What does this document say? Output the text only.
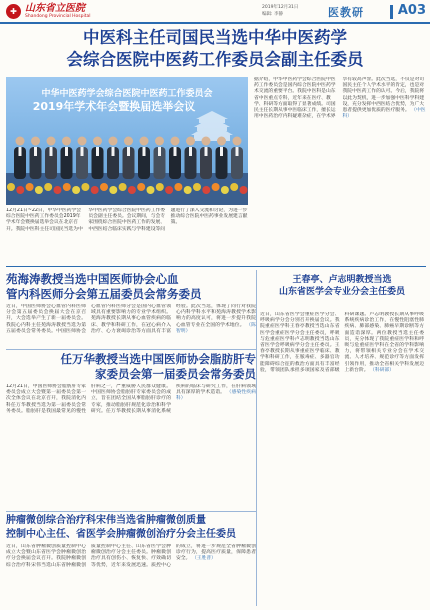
✚ 山东省立医院
Shandong Provincial Hospital
2019年12月31日
编辑: 李静	医教研	A03
中医科主任司国民当选中华中医药学
会综合医院中医药工作委员会副主任委员
中华中医药学会综合医院中医药工作委员会
2019年学术年会暨换届选举会议
12月21日~22日，中华中医药学会综合医院中医药工作委员会2019年学术年会暨换届选举会议在北京召开。我院中医科主任司国民当选为中华中医药学会综合医院中医药工作委员会副主任委员。会议期间，与会专家围绕综合医院中医药工作的发展、中西医结合临床实践与学科建设等问题进行了深入交流和讨论，为进一步推动综合医院中医药事业发展建言献策。
据介绍，中华中医药学会综合医院中医药工作委员会是国内综合医院中医药学术交流的重要平台。我院中医科是山东省中医重点专科，近年来在医疗、教学、科研等方面取得了显著成绩。司国民主任长期从事中医临床工作，擅长运用中医药治疗内科疑难杂症，在学术界享有较高声誉。此次当选，不仅是对司国民主任个人学术水平的肯定，也是对我院中医药工作的认可。今后，我院将以此为契机，进一步加强中医科学科建设，充分发挥中西医结合优势，为广大患者提供更加优质的医疗服务。 （中医科）
苑海涛教授当选中国医师协会心血
管内科医师分会第五届委员会常务委员
近日，中国医师协会心血管内科医师分会第五届委员会换届大会在京召开，大会选举产生了新一届委员会。我院心内科主任苑海涛教授当选为第五届委员会常务委员。中国医师协会心血管内科医师分会是国内心血管领域具有重要影响力的专业学术组织。苑海涛教授长期从事心血管疾病的临床、教学和科研工作，在冠心病介入治疗、心力衰竭诊治等方面具有丰富经验。此次当选，体现了同行对我院心内科学科水平和苑海涛教授学术影响力的高度认可，将进一步提升我院心血管专业在全国的学术地位。 （陈智明）
任万华教授当选中国医师协会脂肪肝专
家委员会第一届委员会常务委员
12月21日，中国医师协会脂肪肝专家委员会成立大会暨第一届委员会第一次全体会议在北京召开，我院消化内科任万华教授当选为第一届委员会常务委员。脂肪肝是我国最常见的慢性肝病之一，严重威胁人民群众健康。中国医师协会脂肪肝专家委员会的成立，旨在团结全国从事脂肪肝诊疗的专家，推动脂肪肝规范化诊治和科学研究。任万华教授长期从事消化系统疾病的临床与研究工作，在肝病领域具有深厚的学术造诣。 （感染性疾病科）
肿瘤微创综合治疗科宋伟当选省肿瘤微创质量
控制中心主任、省医学会肿瘤微创治疗分会主任委员
近日，山东省肿瘤微创质量控制中心成立大会暨山东省医学会肿瘤微创治疗分会换届会议召开。我院肿瘤微创综合治疗科宋伟当选山东省肿瘤微创质量控制中心主任、山东省医学会肿瘤微创治疗分会主任委员。肿瘤微创治疗具有创伤小、恢复快、疗效确切等优势，近年来发展迅速。质控中心的成立，将进一步规范全省肿瘤微创诊疗行为，提高医疗质量，保障患者安全。 （王胜普）
王春亭、卢志明教授当选
山东省医学会专业分会主任委员
近日，山东省医学会重症医学分会、呼吸病学分会分别召开换届会议。我院重症医学科王春亭教授当选山东省医学会重症医学分会主任委员，呼吸与危重症医学科卢志明教授当选山东省医学会呼吸病学分会主任委员。王春亭教授长期从事重症医学临床、教学和科研工作，在脓毒症、多器官功能障碍综合征的救治方面具有丰富经验，带领团队承担多项国家及省部级科研课题。卢志明教授长期从事呼吸系统疾病诊治工作，在慢性阻塞性肺疾病、肺部感染、肺癌早期诊断等方面造诣深厚。两位教授当选主任委员，充分体现了我院重症医学科和呼吸与危重症医学科在全省的学科影响力，将带领相关专业分会在学术交流、人才培养、规范诊疗等方面发挥引领作用，推动全省相关学科发展迈上新台阶。 （科研部）
